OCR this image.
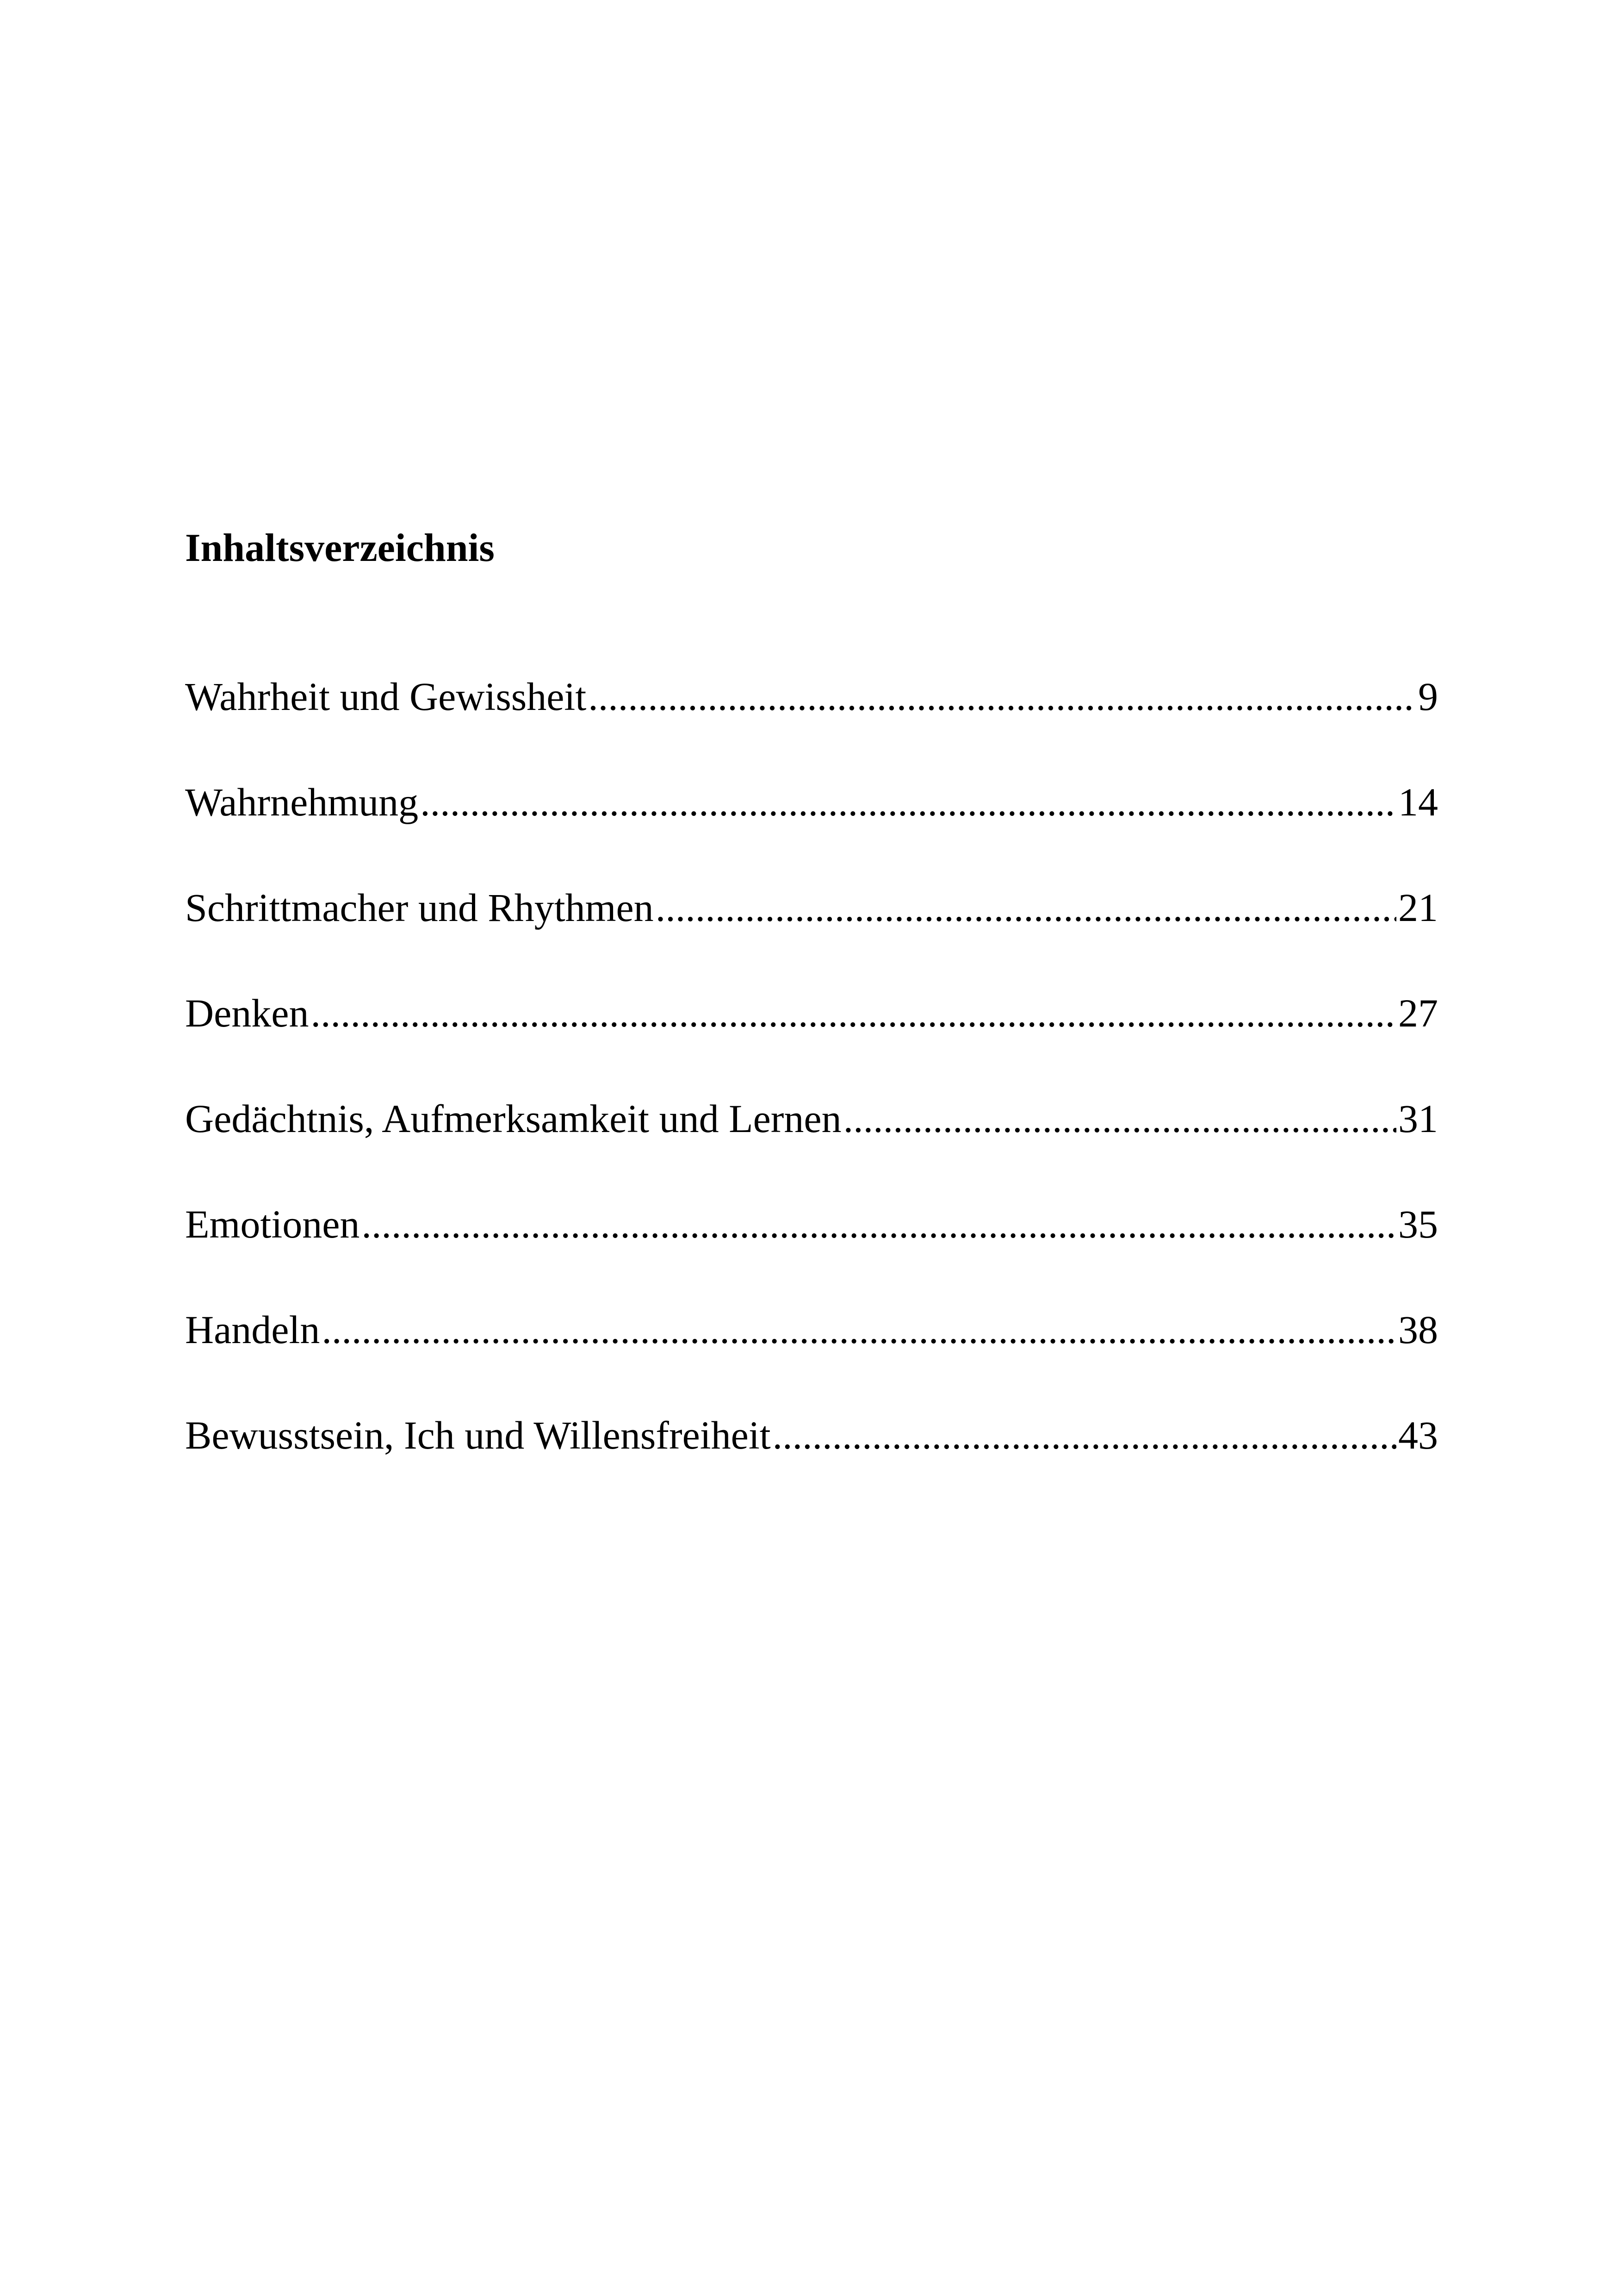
Inhaltsverzeichnis
Wahrheit und Gewissheit .....	9
Wahrnehmung .....	14
Schrittmacher und Rhythmen .....	21
Denken .....	27
Gedächtnis, Aufmerksamkeit und Lernen .....	31
Emotionen .....	35
Handeln .....	38
Bewusstsein, Ich und Willensfreiheit .....	43
